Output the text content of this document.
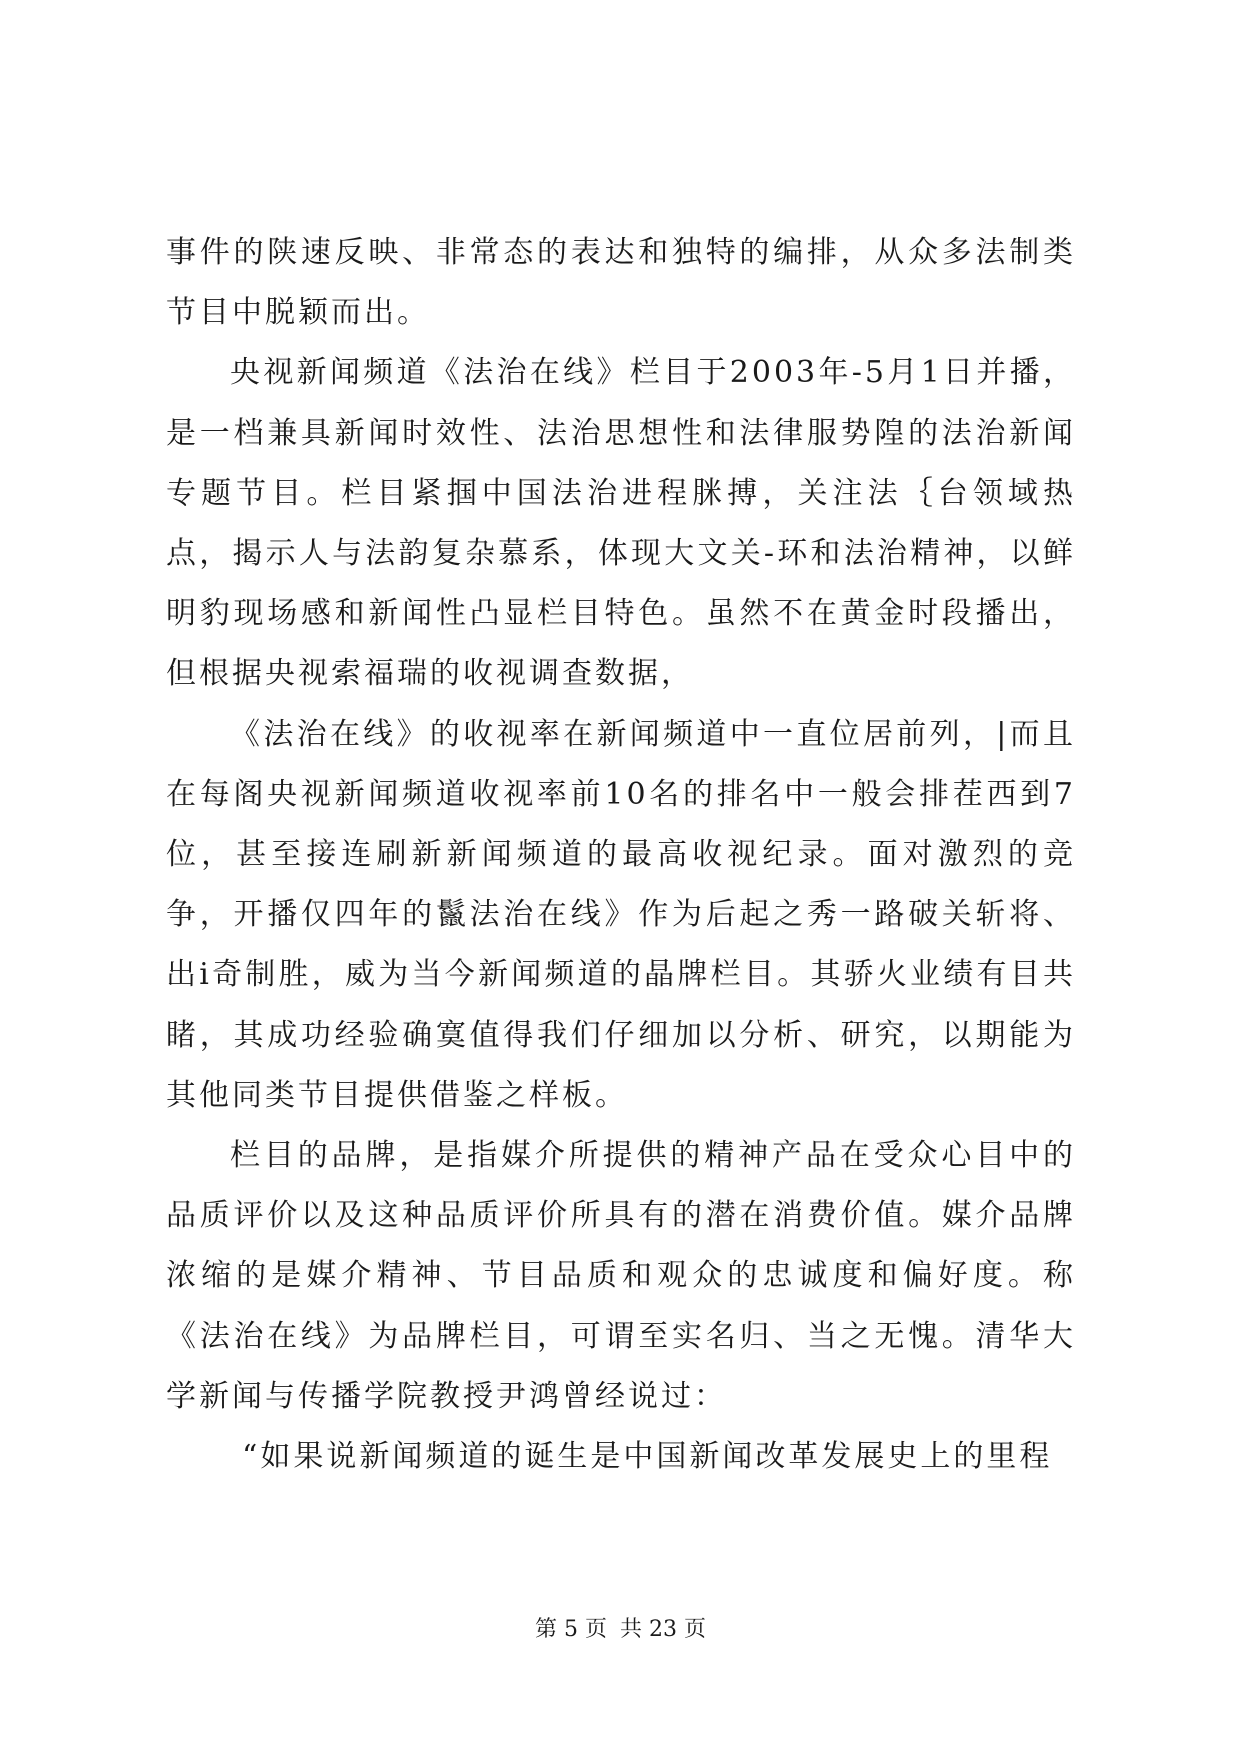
事件的陕速反映、非常态的表达和独特的编排，从众多法制类节目中脱颖而出。

央视新闻频道《法治在线》栏目于2003年-5月1日并播，是一档兼具新闻时效性、法治思想性和法律服势隍的法治新闻专题节目。栏目紧掴中国法治进程脒搏，关注法｛台领域热点，揭示人与法韵复杂慕系，体现大文关-环和法治精神，以鲜明豹现场感和新闻性凸显栏目特色。虽然不在黄金时段播出，但根据央视索福瑞的收视调查数据，

《法治在线》的收视率在新闻频道中一直位居前列，|而且在每阁央视新闻频道收视率前10名的排名中一般会排茬西到7位，甚至接连刷新新闻频道的最高收视纪录。面对激烈的竞争，开播仅四年的鬣法治在线》作为后起之秀一路破关斩将、出i奇制胜，威为当今新闻频道的晶牌栏目。其骄火业绩有目共睹，其成功经验确寞值得我们仔细加以分析、研究，以期能为其他同类节目提供借鉴之样板。

栏目的品牌，是指媒介所提供的精神产品在受众心目中的品质评价以及这种品质评价所具有的潜在消费价值。媒介品牌浓缩的是媒介精神、节目品质和观众的忠诚度和偏好度。称《法治在线》为品牌栏目，可谓至实名归、当之无愧。清华大学新闻与传播学院教授尹鸿曾经说过：

“如果说新闻频道的诞生是中国新闻改革发展史上的里程

第 5 页 共 23 页
